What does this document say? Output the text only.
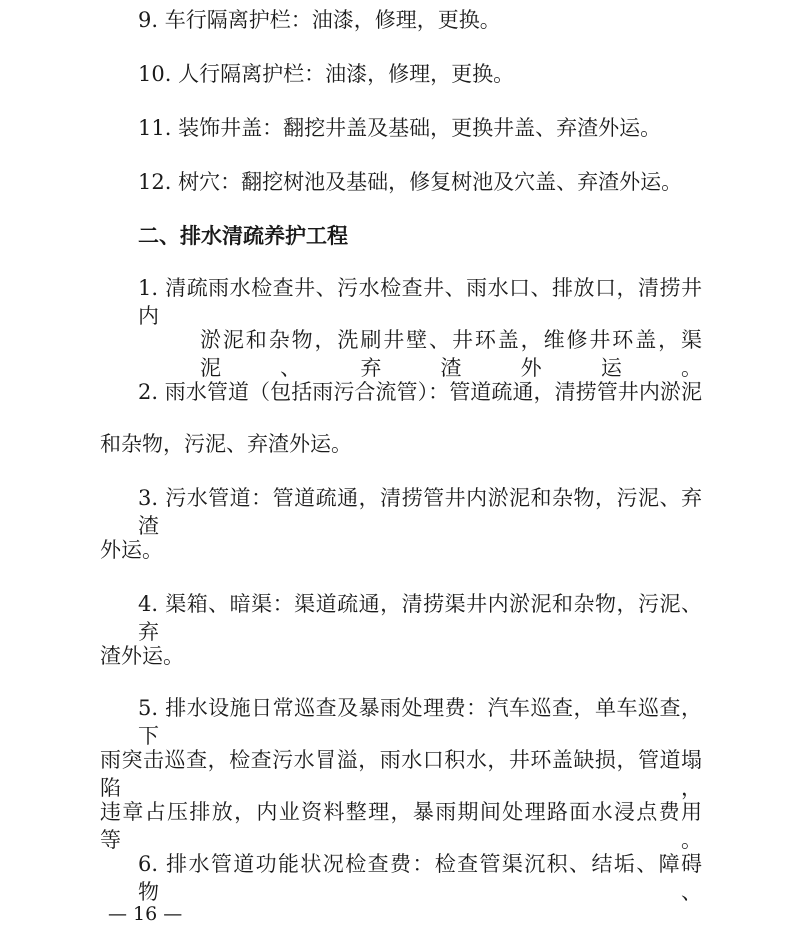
9. 车行隔离护栏：油漆，修理，更换。
10. 人行隔离护栏：油漆，修理，更换。
11. 装饰井盖：翻挖井盖及基础，更换井盖、弃渣外运。
12. 树穴：翻挖树池及基础，修复树池及穴盖、弃渣外运。
二、排水清疏养护工程
1. 清疏雨水检查井、污水检查井、雨水口、排放口，清捞井内
淤泥和杂物，洗刷井壁、井环盖，维修井环盖，渠泥、弃渣外运。
2. 雨水管道（包括雨污合流管）：管道疏通，清捞管井内淤泥
和杂物，污泥、弃渣外运。
3. 污水管道：管道疏通，清捞管井内淤泥和杂物，污泥、弃渣
外运。
4. 渠箱、暗渠：渠道疏通，清捞渠井内淤泥和杂物，污泥、弃
渣外运。
5. 排水设施日常巡查及暴雨处理费：汽车巡查，单车巡查，下
雨突击巡查，检查污水冒溢，雨水口积水，井环盖缺损，管道塌陷，
违章占压排放，内业资料整理，暴雨期间处理路面水浸点费用等。
6. 排水管道功能状况检查费：检查管渠沉积、结垢、障碍物、
— 16 —
